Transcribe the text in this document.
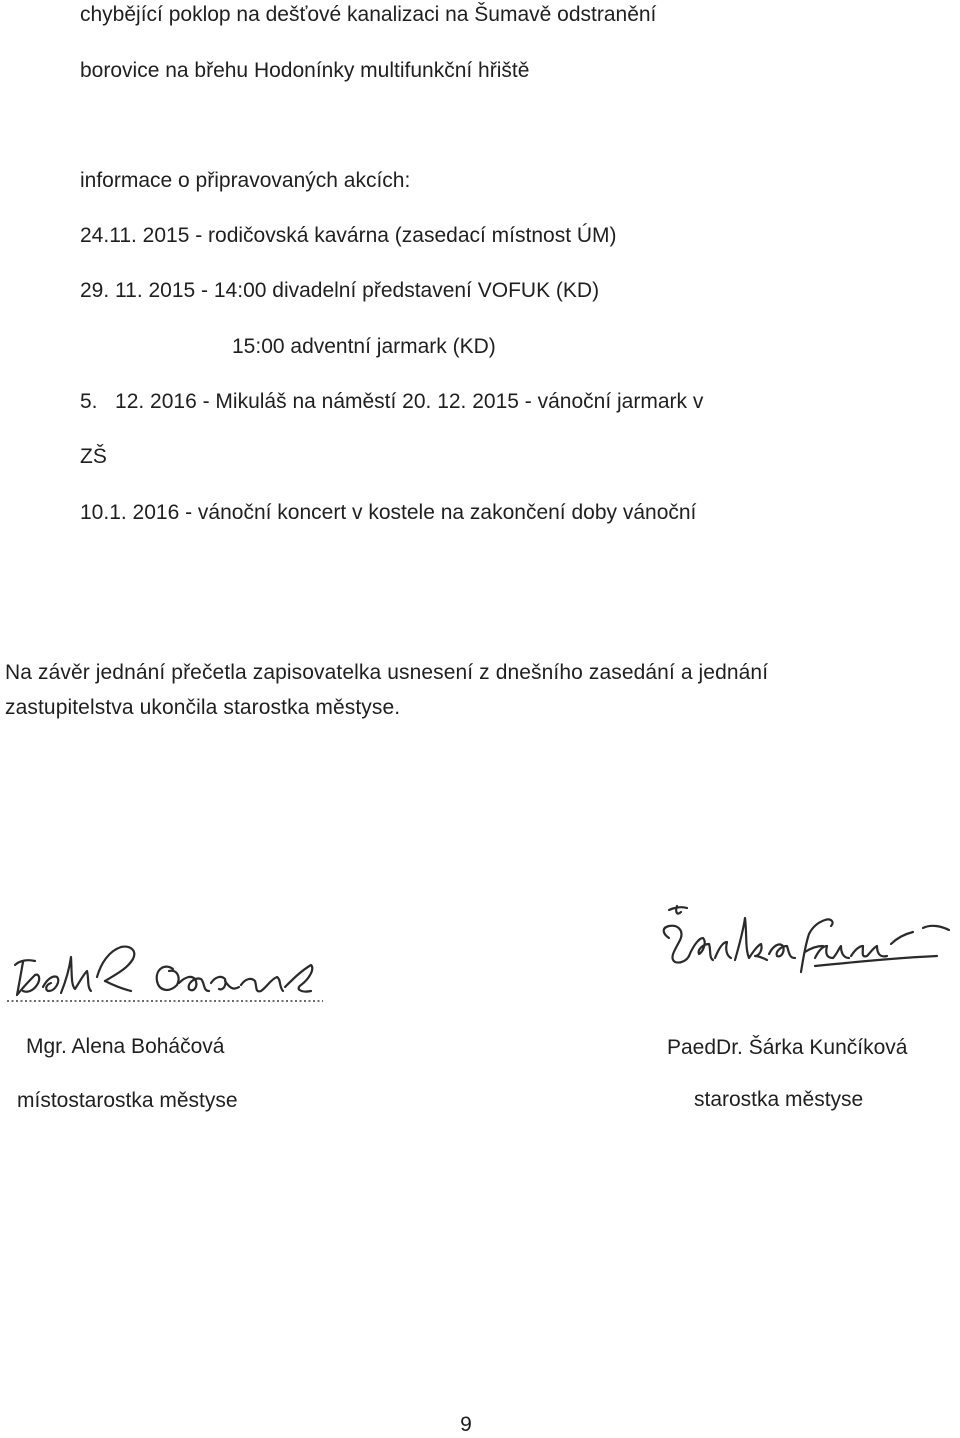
chybějící poklop na dešťové kanalizaci na Šumavě odstranění
borovice na břehu Hodonínky multifunkční hřiště
informace o připravovaných akcích:
24.11. 2015 - rodičovská kavárna (zasedací místnost ÚM)
29. 11. 2015 - 14:00 divadelní představení VOFUK (KD)
15:00 adventní jarmark (KD)
5.   12. 2016 - Mikuláš na náměstí 20. 12. 2015 - vánoční jarmark v
ZŠ
10.1. 2016 - vánoční koncert v kostele na zakončení doby vánoční
Na závěr jednání přečetla zapisovatelka usnesení z dnešního zasedání a jednání
zastupitelstva ukončila starostka městyse.
Mgr. Alena Boháčová
místostarostka městyse
PaedDr. Šárka Kunčíková
starostka městyse
9
